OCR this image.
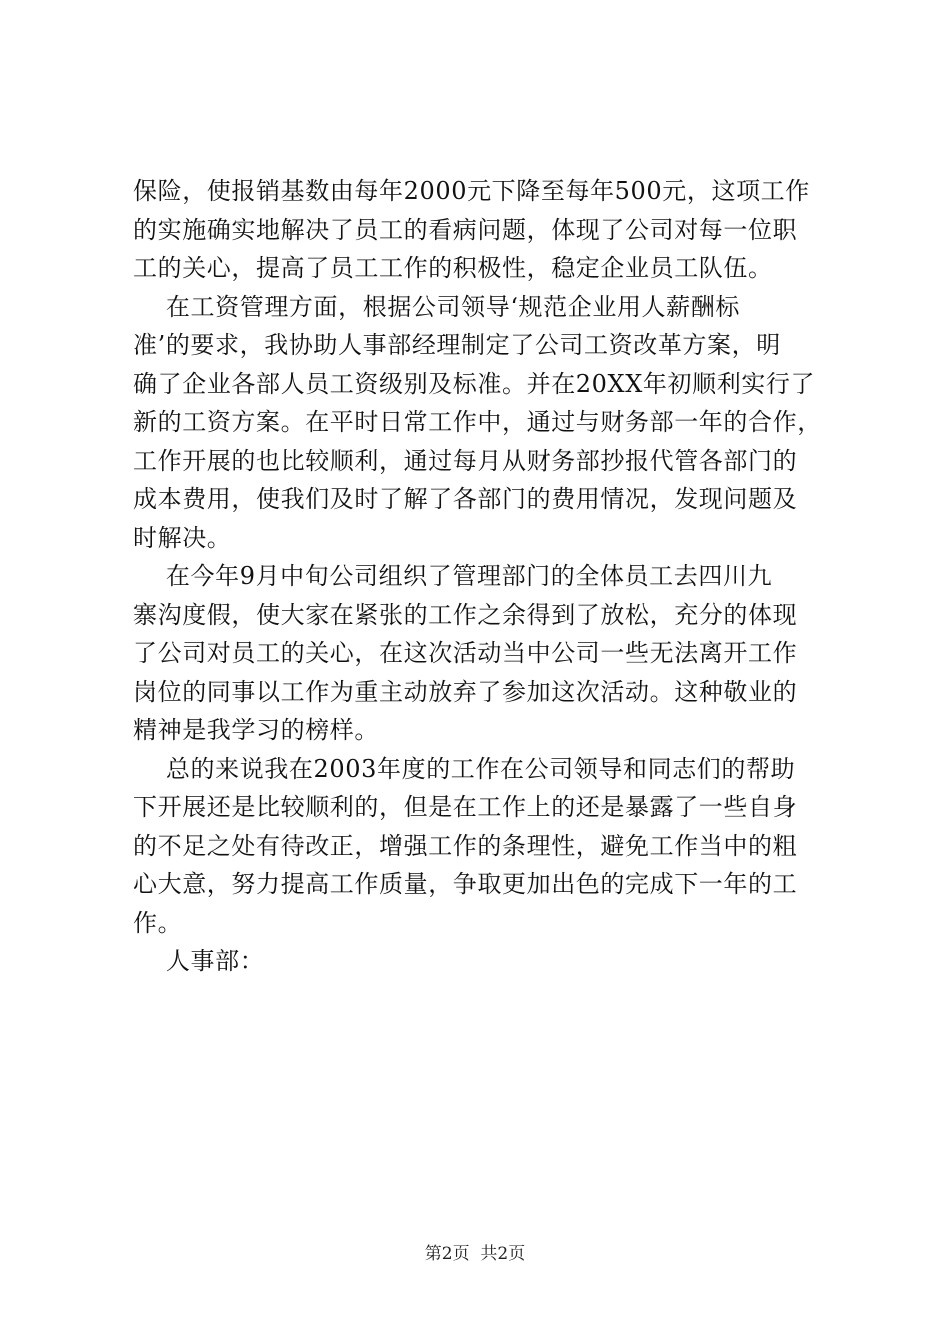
保险，使报销基数由每年2000元下降至每年500元，这项工作
的实施确实地解决了员工的看病问题，体现了公司对每一位职
工的关心，提高了员工工作的积极性，稳定企业员工队伍。
在工资管理方面，根据公司领导‘规范企业用人薪酬标
准’的要求，我协助人事部经理制定了公司工资改革方案，明
确了企业各部人员工资级别及标准。并在20XX年初顺利实行了
新的工资方案。在平时日常工作中，通过与财务部一年的合作，
工作开展的也比较顺利，通过每月从财务部抄报代管各部门的
成本费用，使我们及时了解了各部门的费用情况，发现问题及
时解决。
在今年9月中旬公司组织了管理部门的全体员工去四川九
寨沟度假，使大家在紧张的工作之余得到了放松，充分的体现
了公司对员工的关心，在这次活动当中公司一些无法离开工作
岗位的同事以工作为重主动放弃了参加这次活动。这种敬业的
精神是我学习的榜样。
总的来说我在2003年度的工作在公司领导和同志们的帮助
下开展还是比较顺利的，但是在工作上的还是暴露了一些自身
的不足之处有待改正，增强工作的条理性，避免工作当中的粗
心大意，努力提高工作质量，争取更加出色的完成下一年的工
作。
人事部：
第2页  共2页
